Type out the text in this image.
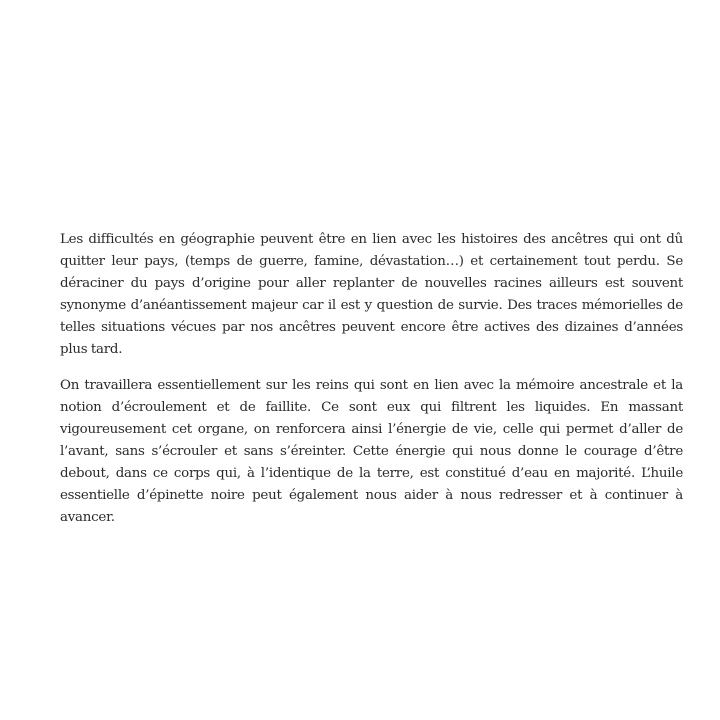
Les difficultés en géographie peuvent être en lien avec les histoires des ancêtres qui ont dû quitter leur pays, (temps de guerre, famine, dévastation…) et certainement tout perdu. Se déraciner du pays d’origine pour aller replanter de nouvelles racines ailleurs est souvent synonyme d’anéantissement majeur car il est y question de survie. Des traces mémorielles de telles situations vécues par nos ancêtres peuvent encore être actives des dizaines d’années plus tard.

On travaillera essentiellement sur les reins qui sont en lien avec la mémoire ancestrale et la notion d’écroulement et de faillite. Ce sont eux qui filtrent les liquides. En massant vigoureusement cet organe, on renforcera ainsi l’énergie de vie, celle qui permet d’aller de l’avant, sans s’écrouler et sans s’éreinter. Cette énergie qui nous donne le courage d’être debout, dans ce corps qui, à l’identique de la terre, est constitué d’eau en majorité. L’huile essentielle d’épinette noire peut également nous aider à nous redresser et à continuer à avancer.
